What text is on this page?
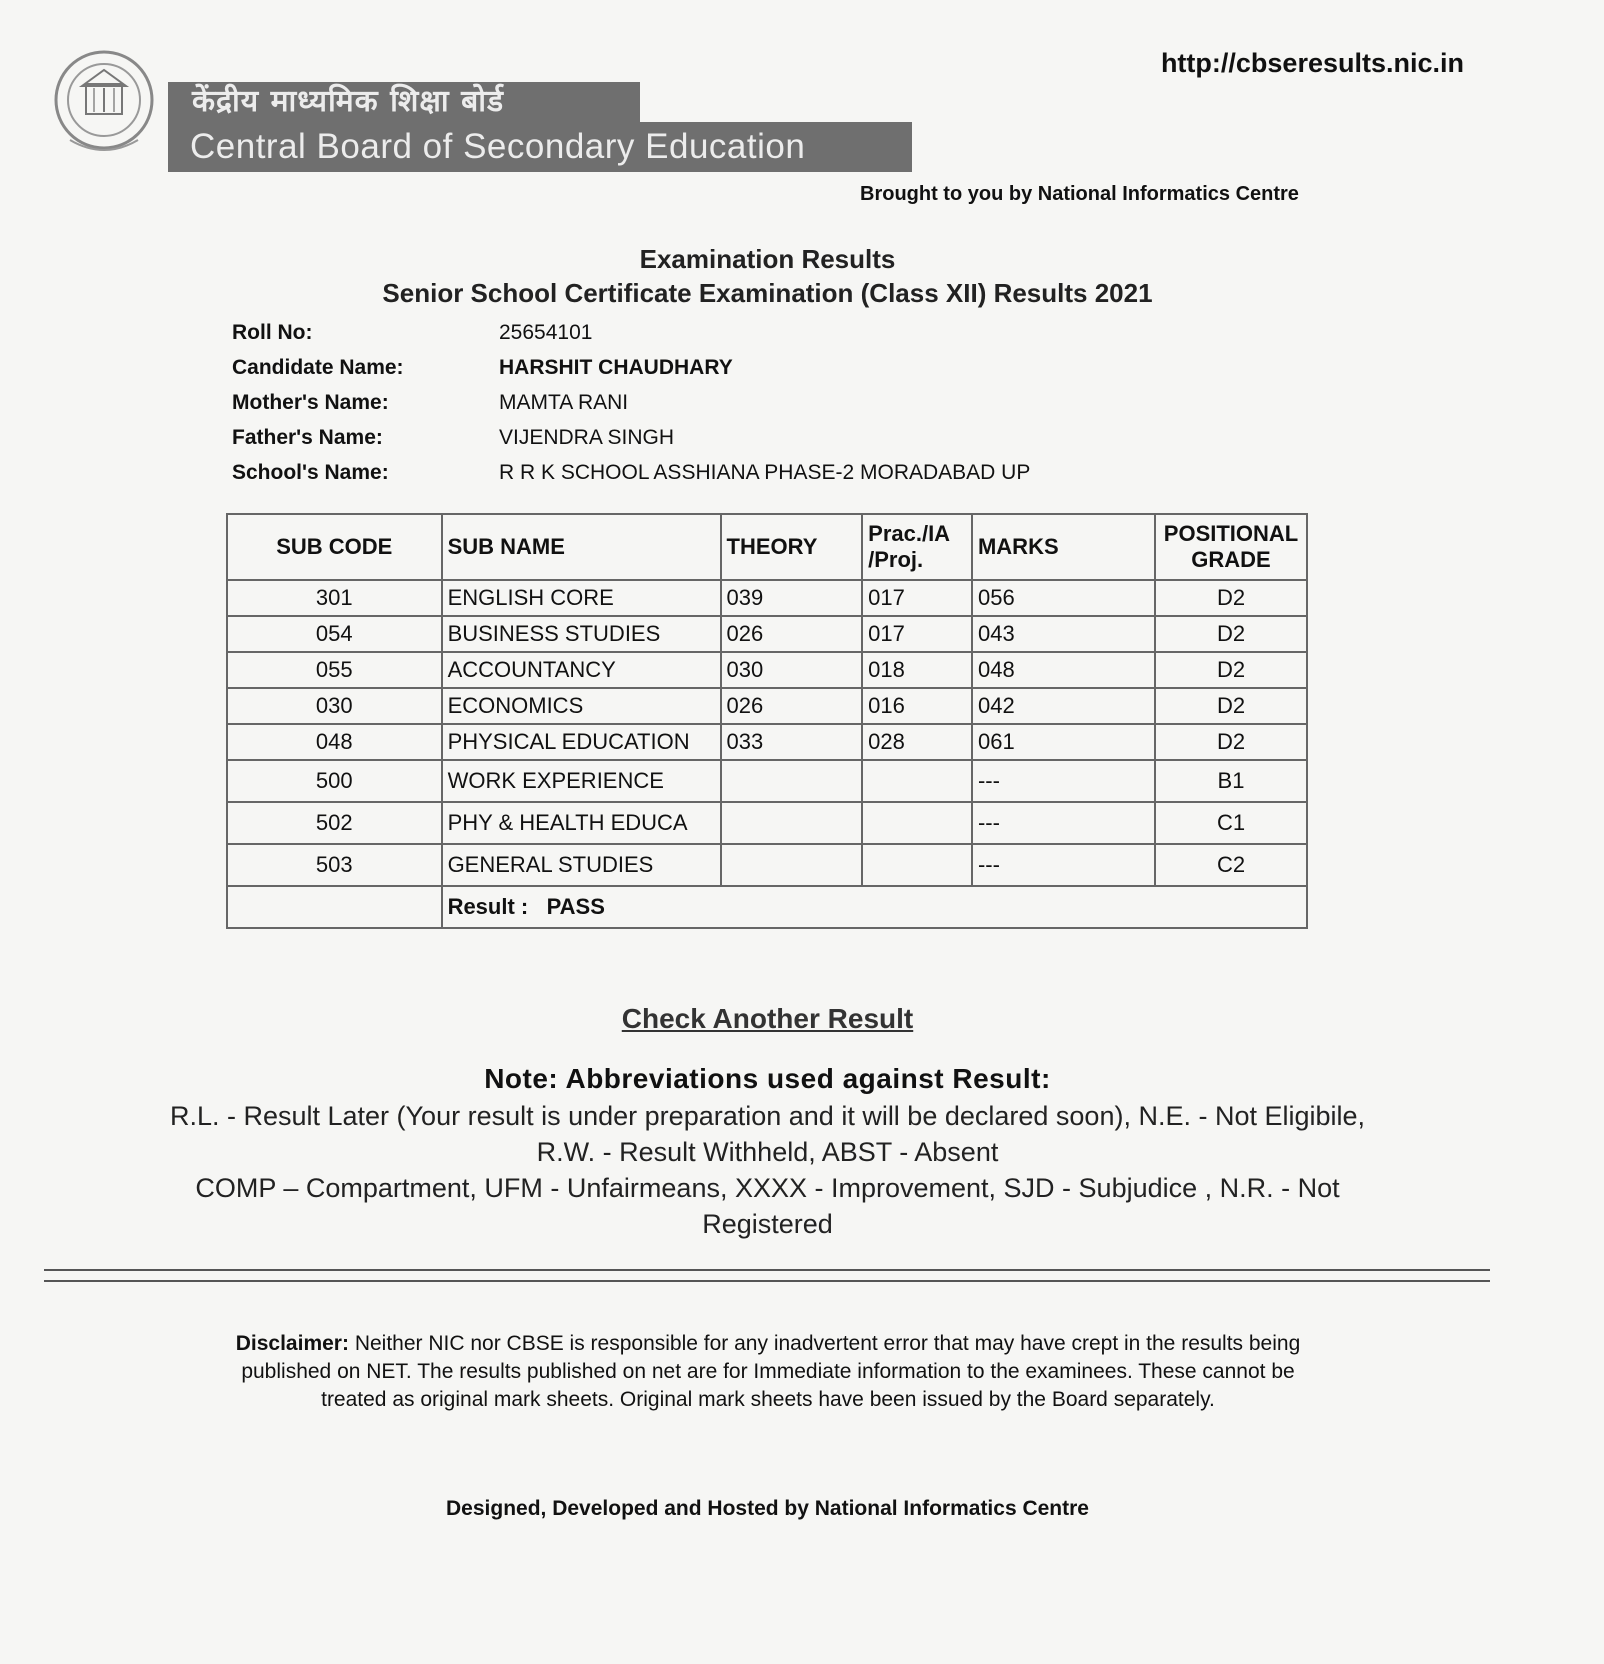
केंद्रीय माध्यमिक शिक्षा बोर्ड
Central Board of Secondary Education
http://cbseresults.nic.in
Brought to you by National Informatics Centre
Examination Results
Senior School Certificate Examination (Class XII) Results 2021
Roll No:	25654101
Candidate Name:	HARSHIT CHAUDHARY
Mother's Name:	MAMTA RANI
Father's Name:	VIJENDRA SINGH
School's Name:	R R K SCHOOL ASSHIANA PHASE-2 MORADABAD UP
SUB CODE	SUB NAME	THEORY	Prac./IA /Proj.	MARKS	POSITIONAL GRADE
301	ENGLISH CORE	039	017	056	D2
054	BUSINESS STUDIES	026	017	043	D2
055	ACCOUNTANCY	030	018	048	D2
030	ECONOMICS	026	016	042	D2
048	PHYSICAL EDUCATION	033	028	061	D2
500	WORK EXPERIENCE			---	B1
502	PHY & HEALTH EDUCA			---	C1
503	GENERAL STUDIES			---	C2
	Result : PASS				
Check Another Result
Note: Abbreviations used against Result:
R.L. - Result Later (Your result is under preparation and it will be declared soon), N.E. - Not Eligibile,
R.W. - Result Withheld, ABST - Absent
COMP – Compartment, UFM - Unfairmeans, XXXX - Improvement, SJD - Subjudice , N.R. - Not
Registered
Disclaimer: Neither NIC nor CBSE is responsible for any inadvertent error that may have crept in the results being published on NET. The results published on net are for Immediate information to the examinees. These cannot be treated as original mark sheets. Original mark sheets have been issued by the Board separately.
Designed, Developed and Hosted by National Informatics Centre
